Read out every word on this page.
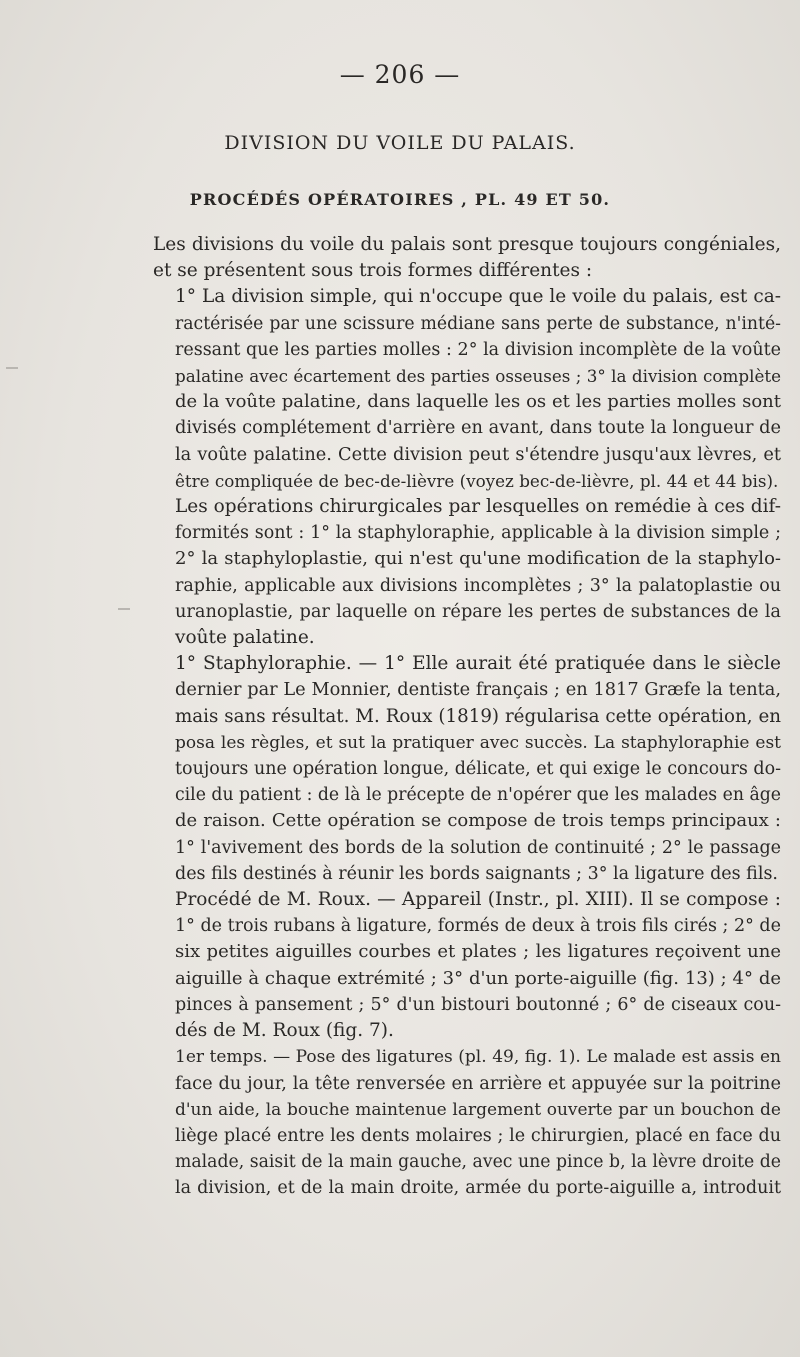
— 206 —
DIVISION DU VOILE DU PALAIS.
PROCÉDÉS OPÉRATOIRES , PL. 49 ET 50.

Les divisions du voile du palais sont presque toujours congéniales,
et se présentent sous trois formes différentes :

1° La division simple, qui n'occupe que le voile du palais, est ca-
ractérisée par une scissure médiane sans perte de substance, n'inté-
ressant que les parties molles : 2° la division incomplète de la voûte
palatine avec écartement des parties osseuses ; 3° la division complète
de la voûte palatine, dans laquelle les os et les parties molles sont
divisés complétement d'arrière en avant, dans toute la longueur de
la voûte palatine. Cette division peut s'étendre jusqu'aux lèvres, et
être compliquée de bec-de-lièvre (voyez bec-de-lièvre, pl. 44 et 44 bis).

Les opérations chirurgicales par lesquelles on remédie à ces dif-
formités sont : 1° la staphyloraphie, applicable à la division simple ;
2° la staphyloplastie, qui n'est qu'une modification de la staphylo-
raphie, applicable aux divisions incomplètes ; 3° la palatoplastie ou
uranoplastie, par laquelle on répare les pertes de substances de la
voûte palatine.

1° Staphyloraphie. — 1° Elle aurait été pratiquée dans le siècle
dernier par Le Monnier, dentiste français ; en 1817 Græfe la tenta,
mais sans résultat. M. Roux (1819) régularisa cette opération, en
posa les règles, et sut la pratiquer avec succès. La staphyloraphie est
toujours une opération longue, délicate, et qui exige le concours do-
cile du patient : de là le précepte de n'opérer que les malades en âge
de raison. Cette opération se compose de trois temps principaux :
1° l'avivement des bords de la solution de continuité ; 2° le passage
des fils destinés à réunir les bords saignants ; 3° la ligature des fils.

Procédé de M. Roux. — Appareil (Instr., pl. XIII). Il se compose :
1° de trois rubans à ligature, formés de deux à trois fils cirés ; 2° de
six petites aiguilles courbes et plates ; les ligatures reçoivent une
aiguille à chaque extrémité ; 3° d'un porte-aiguille (fig. 13) ; 4° de
pinces à pansement ; 5° d'un bistouri boutonné ; 6° de ciseaux cou-
dés de M. Roux (fig. 7).

1er temps. — Pose des ligatures (pl. 49, fig. 1). Le malade est assis en
face du jour, la tête renversée en arrière et appuyée sur la poitrine
d'un aide, la bouche maintenue largement ouverte par un bouchon de
liège placé entre les dents molaires ; le chirurgien, placé en face du
malade, saisit de la main gauche, avec une pince b, la lèvre droite de
la division, et de la main droite, armée du porte-aiguille a, introduit
